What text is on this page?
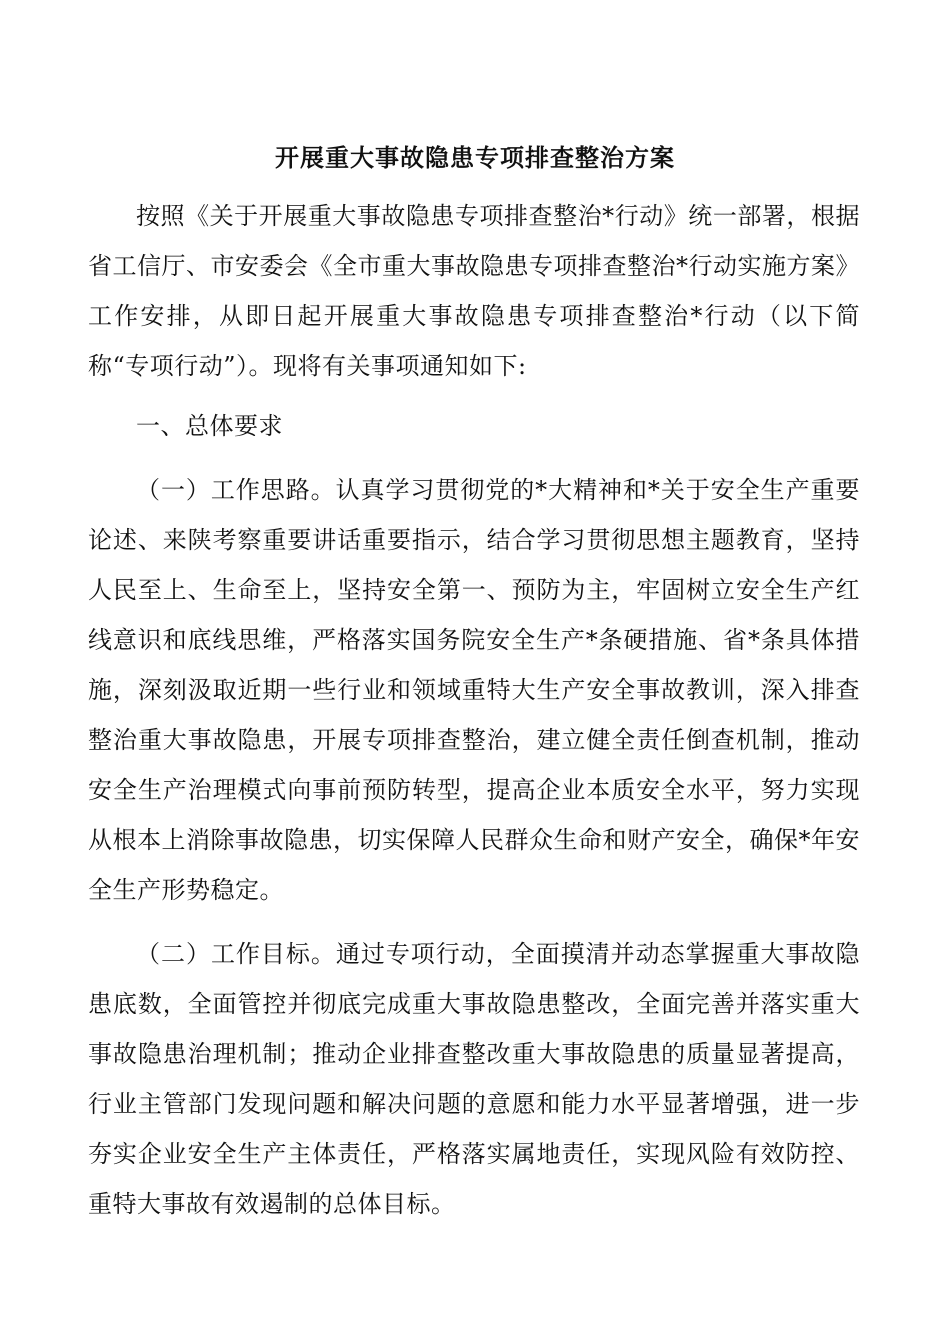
开展重大事故隐患专项排查整治方案

按照《关于开展重大事故隐患专项排查整治*行动》统一部署，根据省工信厅、市安委会《全市重大事故隐患专项排查整治*行动实施方案》工作安排，从即日起开展重大事故隐患专项排查整治*行动（以下简称“专项行动”）。现将有关事项通知如下:

一、总体要求

（一）工作思路。认真学习贯彻党的*大精神和*关于安全生产重要论述、来陕考察重要讲话重要指示，结合学习贯彻思想主题教育，坚持人民至上、生命至上，坚持安全第一、预防为主，牢固树立安全生产红线意识和底线思维，严格落实国务院安全生产*条硬措施、省*条具体措施，深刻汲取近期一些行业和领域重特大生产安全事故教训，深入排查整治重大事故隐患，开展专项排查整治，建立健全责任倒查机制，推动安全生产治理模式向事前预防转型，提高企业本质安全水平，努力实现从根本上消除事故隐患，切实保障人民群众生命和财产安全，确保*年安全生产形势稳定。

（二）工作目标。通过专项行动，全面摸清并动态掌握重大事故隐患底数，全面管控并彻底完成重大事故隐患整改，全面完善并落实重大事故隐患治理机制；推动企业排查整改重大事故隐患的质量显著提高，行业主管部门发现问题和解决问题的意愿和能力水平显著增强，进一步夯实企业安全生产主体责任，严格落实属地责任，实现风险有效防控、重特大事故有效遏制的总体目标。
